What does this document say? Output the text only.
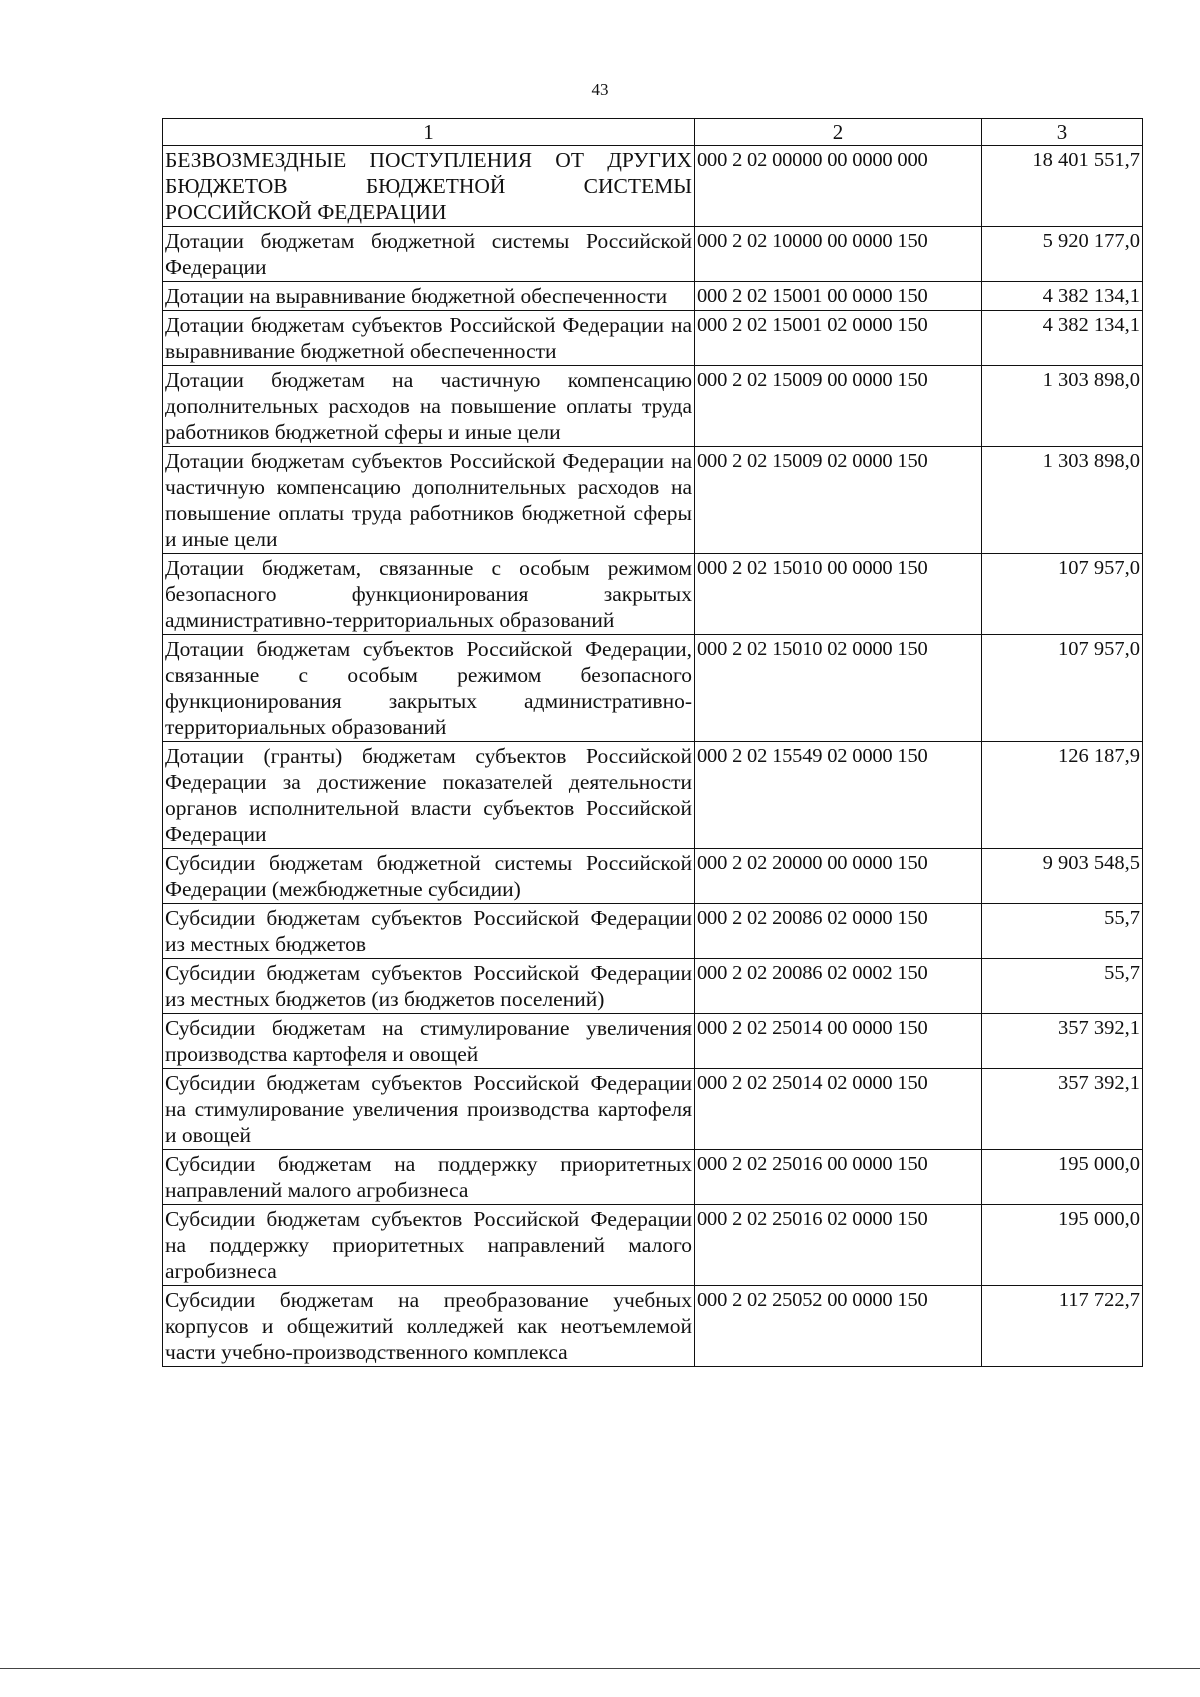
43
1	2	3
БЕЗВОЗМЕЗДНЫЕ ПОСТУПЛЕНИЯ ОТ ДРУГИХ БЮДЖЕТОВ БЮДЖЕТНОЙ СИСТЕМЫ РОССИЙСКОЙ ФЕДЕРАЦИИ	000 2 02 00000 00 0000 000	18 401 551,7
Дотации бюджетам бюджетной системы Российской Федерации	000 2 02 10000 00 0000 150	5 920 177,0
Дотации на выравнивание бюджетной обеспеченности	000 2 02 15001 00 0000 150	4 382 134,1
Дотации бюджетам субъектов Российской Федерации на выравнивание бюджетной обеспеченности	000 2 02 15001 02 0000 150	4 382 134,1
Дотации бюджетам на частичную компенсацию дополнительных расходов на повышение оплаты труда работников бюджетной сферы и иные цели	000 2 02 15009 00 0000 150	1 303 898,0
Дотации бюджетам субъектов Российской Федерации на частичную компенсацию дополнительных расходов на повышение оплаты труда работников бюджетной сферы и иные цели	000 2 02 15009 02 0000 150	1 303 898,0
Дотации бюджетам, связанные с особым режимом безопасного функционирования закрытых административно-территориальных образований	000 2 02 15010 00 0000 150	107 957,0
Дотации бюджетам субъектов Российской Федерации, связанные с особым режимом безопасного функционирования закрытых административно-территориальных образований	000 2 02 15010 02 0000 150	107 957,0
Дотации (гранты) бюджетам субъектов Российской Федерации за достижение показателей деятельности органов исполнительной власти субъектов Российской Федерации	000 2 02 15549 02 0000 150	126 187,9
Субсидии бюджетам бюджетной системы Российской Федерации (межбюджетные субсидии)	000 2 02 20000 00 0000 150	9 903 548,5
Субсидии бюджетам субъектов Российской Федерации из местных бюджетов	000 2 02 20086 02 0000 150	55,7
Субсидии бюджетам субъектов Российской Федерации из местных бюджетов (из бюджетов поселений)	000 2 02 20086 02 0002 150	55,7
Субсидии бюджетам на стимулирование увеличения производства картофеля и овощей	000 2 02 25014 00 0000 150	357 392,1
Субсидии бюджетам субъектов Российской Федерации на стимулирование увеличения производства картофеля и овощей	000 2 02 25014 02 0000 150	357 392,1
Субсидии бюджетам на поддержку приоритетных направлений малого агробизнеса	000 2 02 25016 00 0000 150	195 000,0
Субсидии бюджетам субъектов Российской Федерации на поддержку приоритетных направлений малого агробизнеса	000 2 02 25016 02 0000 150	195 000,0
Субсидии бюджетам на преобразование учебных корпусов и общежитий колледжей как неотъемлемой части учебно-производственного комплекса	000 2 02 25052 00 0000 150	117 722,7
